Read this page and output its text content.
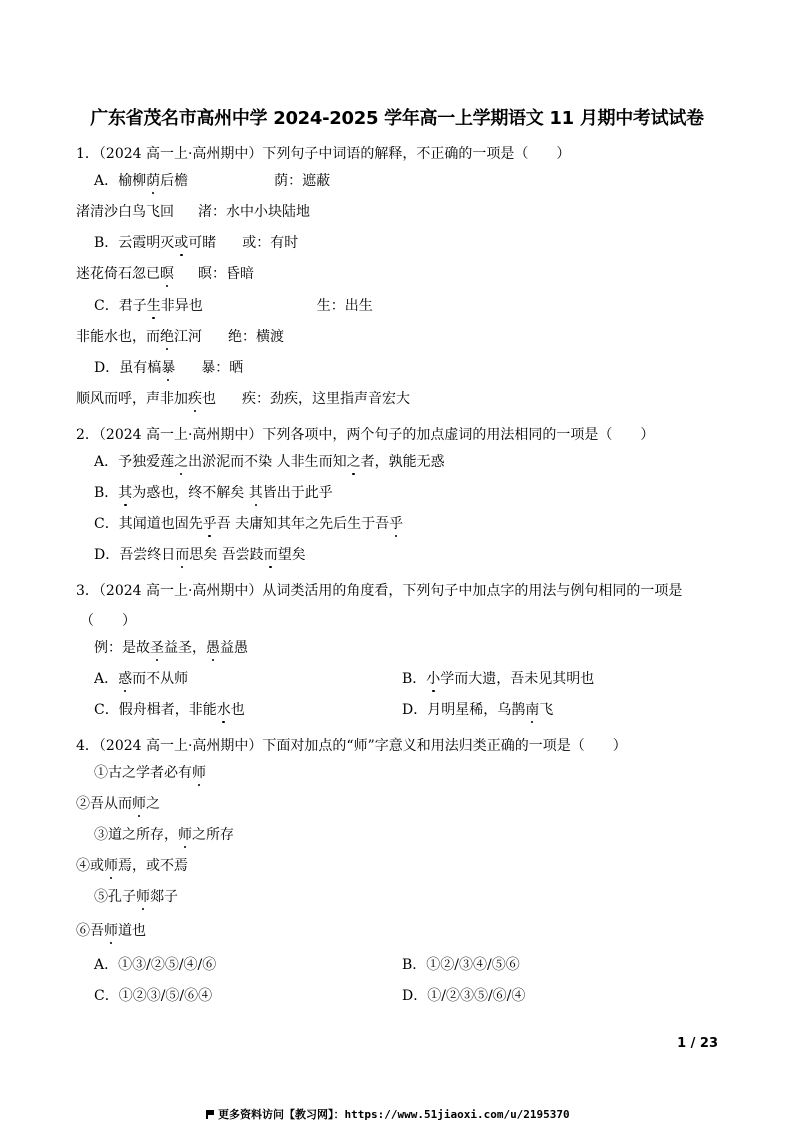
广东省茂名市高州中学 2024-2025 学年高一上学期语文 11 月期中考试试卷
1．（2024 高一上·高州期中）下列句子中词语的解释，不正确的一项是（　　）
A．榆柳荫后檐	荫：遮蔽
渚清沙白鸟飞回 渚：水中小块陆地
B．云霞明灭或可睹 或：有时
迷花倚石忽已暝 暝：昏暗
C．君子生非异也	生：出生
非能水也，而绝江河 绝：横渡
D．虽有槁暴 暴：晒
顺风而呼，声非加疾也 疾：劲疾，这里指声音宏大
2．（2024 高一上·高州期中）下列各项中，两个句子的加点虚词的用法相同的一项是（　　）
A．予独爱莲之出淤泥而不染 人非生而知之者，孰能无惑
B．其为惑也，终不解矣 其皆出于此乎
C．其闻道也固先乎吾 夫庸知其年之先后生于吾乎
D．吾尝终日而思矣 吾尝跂而望矣
3．（2024 高一上·高州期中）从词类活用的角度看，下列句子中加点字的用法与例句相同的一项是
（　　）
例：是故圣益圣，愚益愚
A．惑而不从师	B．小学而大遗，吾未见其明也
C．假舟楫者，非能水也	D．月明星稀，乌鹊南飞
4．（2024 高一上·高州期中）下面对加点的“师”字意义和用法归类正确的一项是（　　）
①古之学者必有师
②吾从而师之
③道之所存，师之所存
④或师焉，或不焉
⑤孔子师郯子
⑥吾师道也
A．①③/②⑤/④/⑥	B．①②/③④/⑤⑥
C．①②③/⑤/⑥④	D．①/②③⑤/⑥/④
1 / 23
更多资料访问【教习网】：https://www.51jiaoxi.com/u/2195370
